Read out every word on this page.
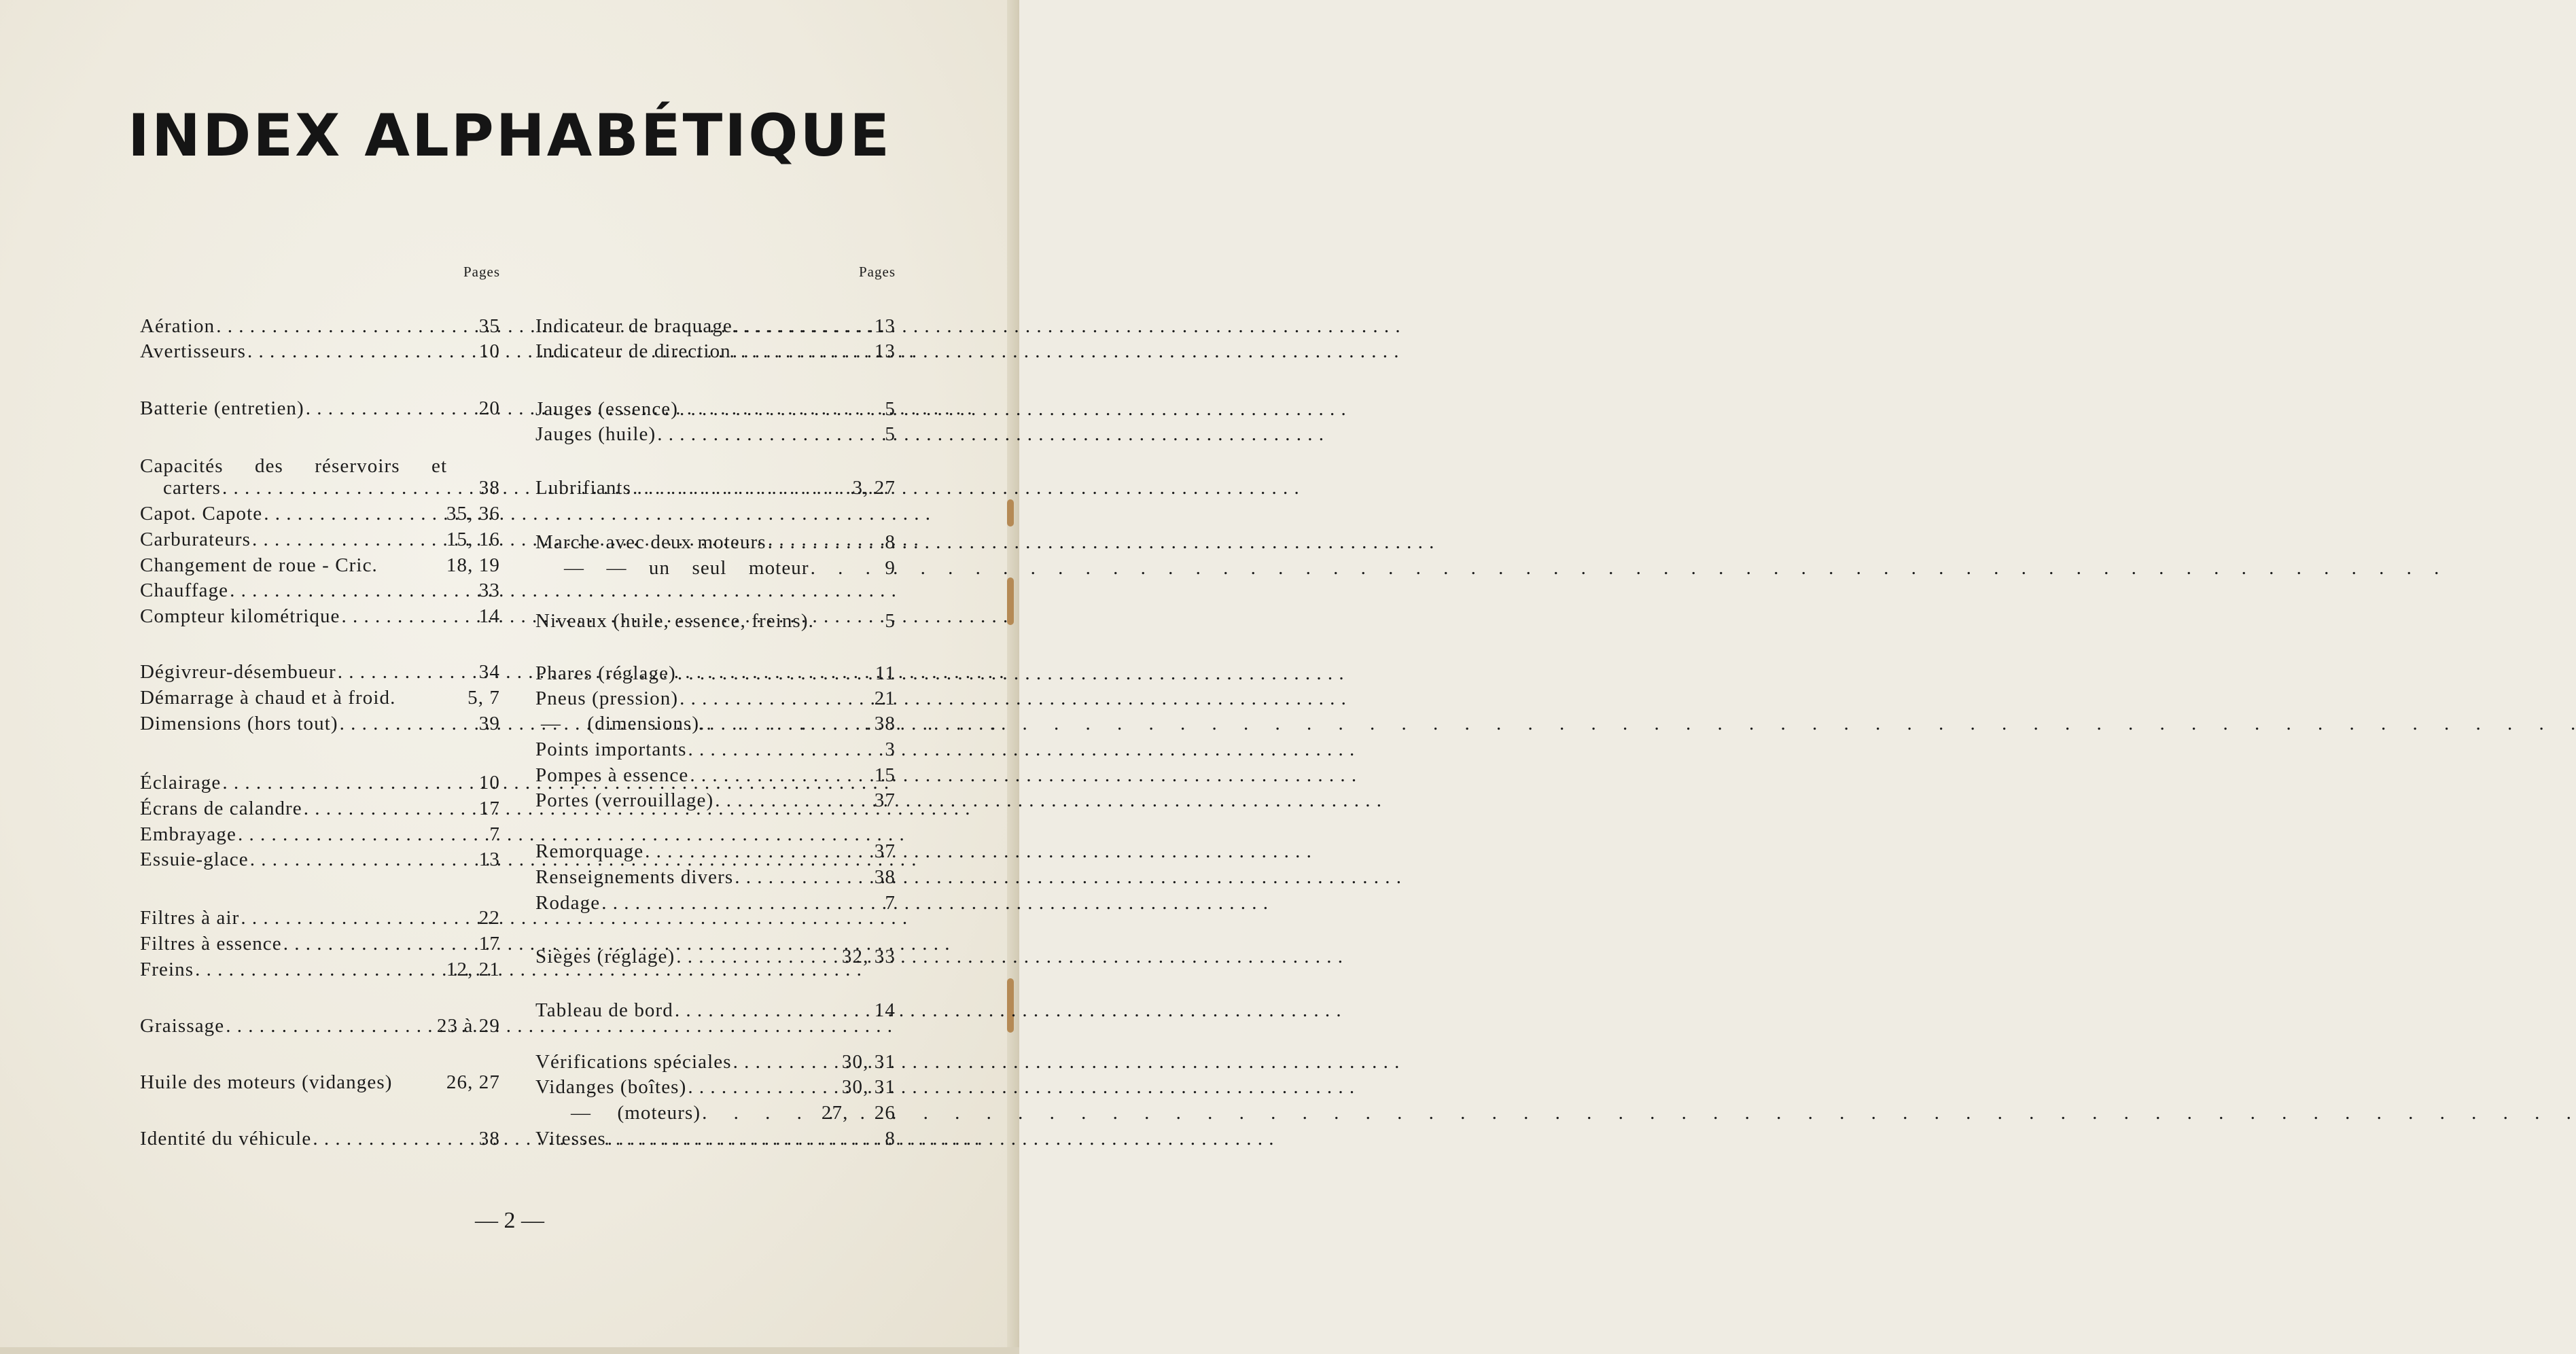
INDEX ALPHABÉTIQUE
Pages	Pages
Aération . . .	35
Avertisseurs . . .	10
Batterie (entretien) . . .	20
Capacités des réservoirs et
carters . . .	38
Capot. Capote . . .	35, 36
Carburateurs . . .	15, 16
Changement de roue - Cric.	18, 19
Chauffage . . .	33
Compteur kilométrique . . .	14
Dégivreur-désembueur . . .	34
Démarrage à chaud et à froid.	5, 7
Dimensions (hors tout) . . .	39
Éclairage . . .	10
Écrans de calandre . . .	17
Embrayage . . .	7
Essuie-glace . . .	13
Filtres à air . . .	22
Filtres à essence . . .	17
Freins . . .	12, 21
Graissage . . .	23 à 29
Huile des moteurs (vidanges)	26, 27
Identité du véhicule . . .	38
Indicateur de braquage . . .	13
Indicateur de direction . . .	13
Jauges (essence) . . .	5
Jauges (huile) . . .	5
Lubrifiants . . .	3, 27
Marche avec deux moteurs . . .	8
— — un seul moteur . . .	9
Niveaux (huile, essence, freins).	5
Phares (réglage) . . .	11
Pneus (pression) . . .	21
— (dimensions). . . .	38
Points importants . . .	3
Pompes à essence . . .	15
Portes (verrouillage) . . .	37
Remorquage . . .	37
Renseignements divers . . .	38
Rodage . . .	7
Sièges (réglage) . . .	32, 33
Tableau de bord . . .	14
Vérifications spéciales . . .	30, 31
Vidanges (boîtes) . . .	30, 31
— (moteurs) . . .	27, 26
Vitesses . . .	8
— 2 —
